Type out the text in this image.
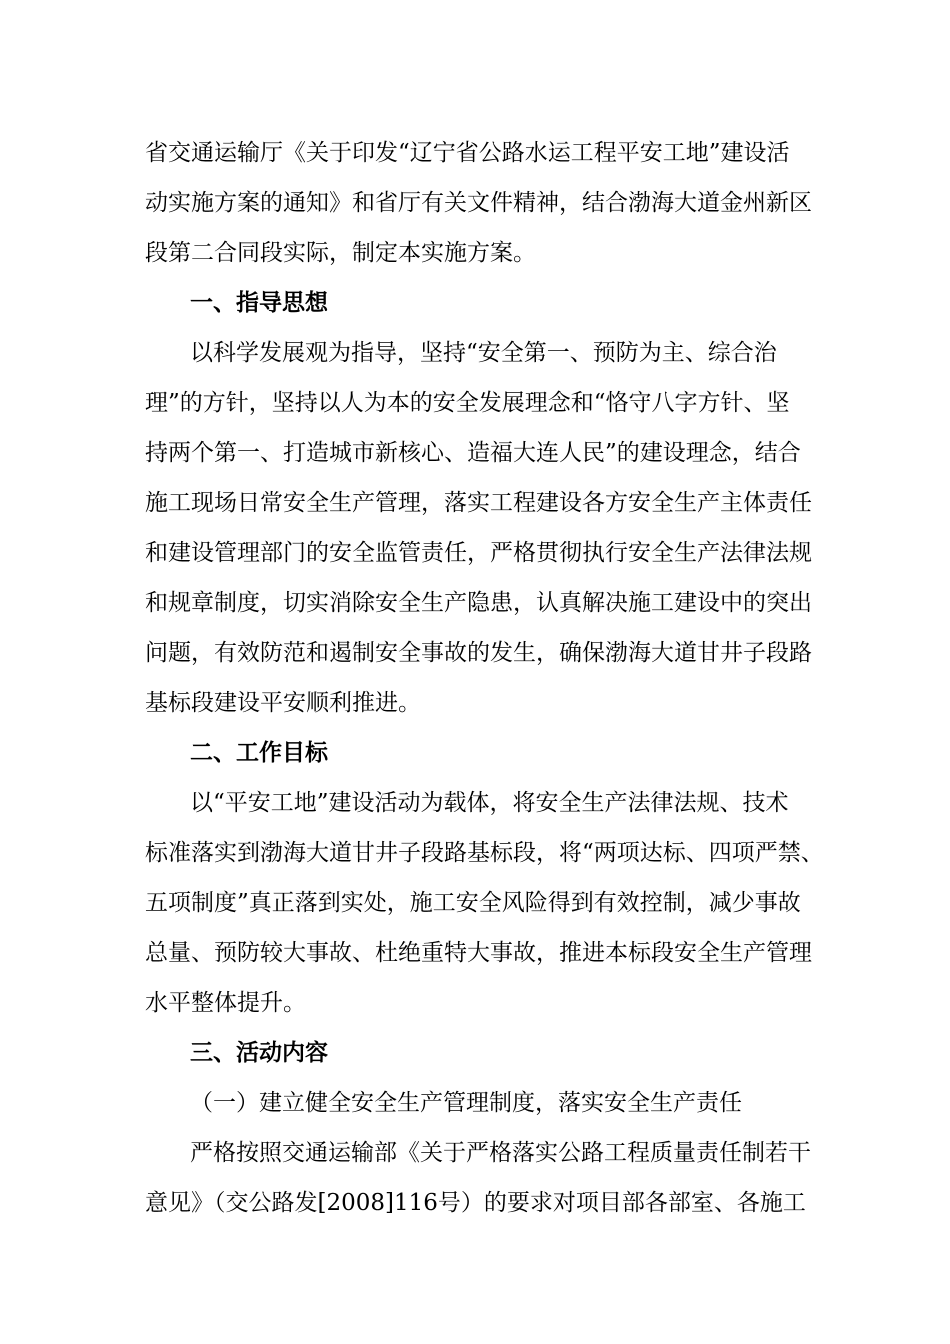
省交通运输厅《关于印发“辽宁省公路水运工程平安工地”建设活
动实施方案的通知》和省厅有关文件精神，结合渤海大道金州新区
段第二合同段实际，制定本实施方案。
一、指导思想
以科学发展观为指导，坚持“安全第一、预防为主、综合治
理”的方针，坚持以人为本的安全发展理念和“恪守八字方针、坚
持两个第一、打造城市新核心、造福大连人民”的建设理念，结合
施工现场日常安全生产管理，落实工程建设各方安全生产主体责任
和建设管理部门的安全监管责任，严格贯彻执行安全生产法律法规
和规章制度，切实消除安全生产隐患，认真解决施工建设中的突出
问题，有效防范和遏制安全事故的发生，确保渤海大道甘井子段路
基标段建设平安顺利推进。
二、工作目标
以“平安工地”建设活动为载体，将安全生产法律法规、技术
标准落实到渤海大道甘井子段路基标段，将“两项达标、四项严禁、
五项制度”真正落到实处，施工安全风险得到有效控制，减少事故
总量、预防较大事故、杜绝重特大事故，推进本标段安全生产管理
水平整体提升。
三、活动内容
（一）建立健全安全生产管理制度，落实安全生产责任
严格按照交通运输部《关于严格落实公路工程质量责任制若干
意见》（交公路发[2008]116号）的要求对项目部各部室、各施工
